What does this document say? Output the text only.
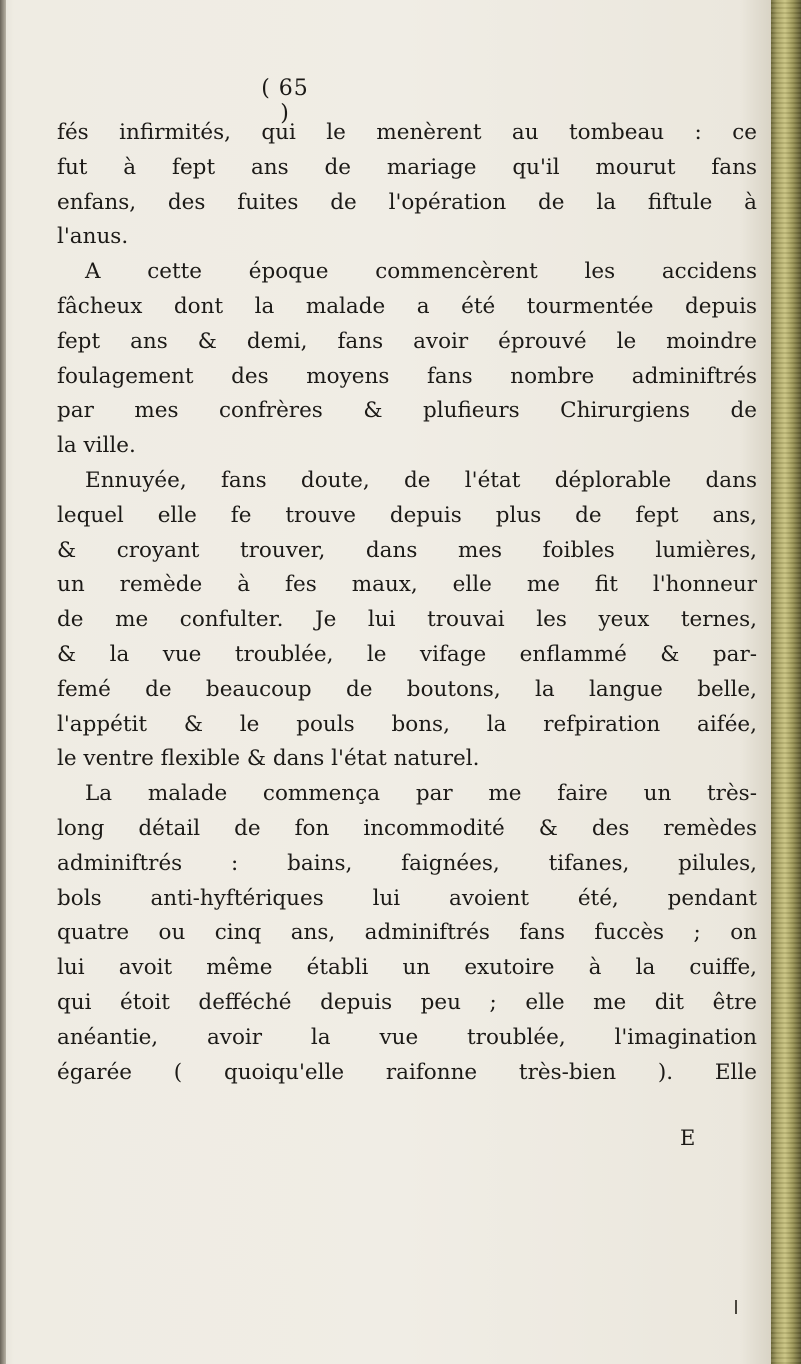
( 65 )
fés infirmités, qui le menèrent au tombeau : ce
fut à fept ans de mariage qu'il mourut fans
enfans, des fuites de l'opération de la fiftule à
l'anus.
A cette époque commencèrent les accidens
fâcheux dont la malade a été tourmentée depuis
fept ans & demi, fans avoir éprouvé le moindre
foulagement des moyens fans nombre adminiftrés
par mes confrères & plufieurs Chirurgiens de
la ville.
Ennuyée, fans doute, de l'état déplorable dans
lequel elle fe trouve depuis plus de fept ans,
& croyant trouver, dans mes foibles lumières,
un remède à fes maux, elle me fit l'honneur
de me confulter. Je lui trouvai les yeux ternes,
& la vue troublée, le vifage enflammé & par-
femé de beaucoup de boutons, la langue belle,
l'appétit & le pouls bons, la refpiration aifée,
le ventre flexible & dans l'état naturel.
La malade commença par me faire un très-
long détail de fon incommodité & des remèdes
adminiftrés : bains, faignées, tifanes, pilules,
bols anti-hyftériques lui avoient été, pendant
quatre ou cinq ans, adminiftrés fans fuccès ; on
lui avoit même établi un exutoire à la cuiffe,
qui étoit defféché depuis peu ; elle me dit être
anéantie, avoir la vue troublée, l'imagination
égarée ( quoiqu'elle raifonne très-bien ). Elle
E
